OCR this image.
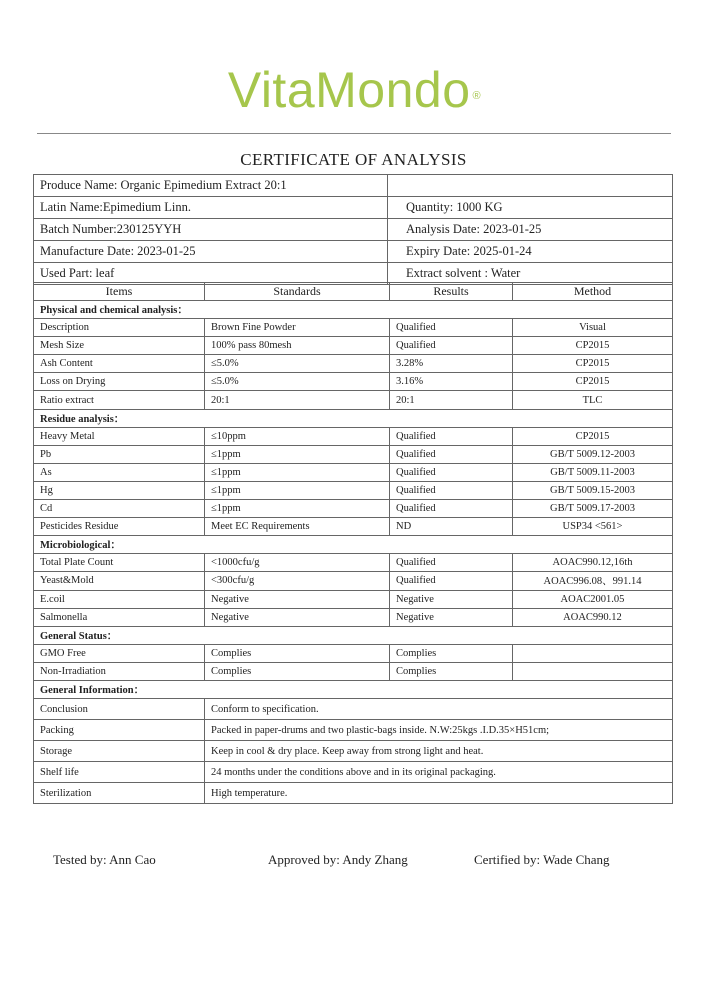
VitaMondo ®
CERTIFICATE OF ANALYSIS
Produce Name: Organic Epimedium Extract 20:1	
Latin Name:Epimedium Linn.	Quantity: 1000 KG
Batch Number:230125YYH	Analysis Date: 2023-01-25
Manufacture Date: 2023-01-25	Expiry Date: 2025-01-24
Used Part: leaf	Extract solvent : Water
Items	Standards	Results	Method
Physical and chemical analysis：			
Description	Brown Fine Powder	Qualified	Visual
Mesh Size	100% pass 80mesh	Qualified	CP2015
Ash Content	≤5.0%	3.28%	CP2015
Loss on Drying	≤5.0%	3.16%	CP2015
Ratio extract	20:1	20:1	TLC
Residue analysis：			
Heavy Metal	≤10ppm	Qualified	CP2015
Pb	≤1ppm	Qualified	GB/T 5009.12-2003
As	≤1ppm	Qualified	GB/T 5009.11-2003
Hg	≤1ppm	Qualified	GB/T 5009.15-2003
Cd	≤1ppm	Qualified	GB/T 5009.17-2003
Pesticides Residue	Meet EC Requirements	ND	USP34 <561>
Microbiological：			
Total Plate Count	<1000cfu/g	Qualified	AOAC990.12,16th
Yeast&Mold	<300cfu/g	Qualified	AOAC996.08、991.14
E.coil	Negative	Negative	AOAC2001.05
Salmonella	Negative	Negative	AOAC990.12
General Status：			
GMO Free	Complies	Complies	
Non-Irradiation	Complies	Complies	
General Information：			
Conclusion	Conform to specification.		
Packing	Packed in paper-drums and two plastic-bags inside. N.W:25kgs .I.D.35×H51cm;		
Storage	Keep in cool & dry place. Keep away from strong light and heat.		
Shelf life	24 months under the conditions above and in its original packaging.		
Sterilization	High temperature.		
Tested by: Ann Cao	Approved by: Andy Zhang	Certified by: Wade Chang
